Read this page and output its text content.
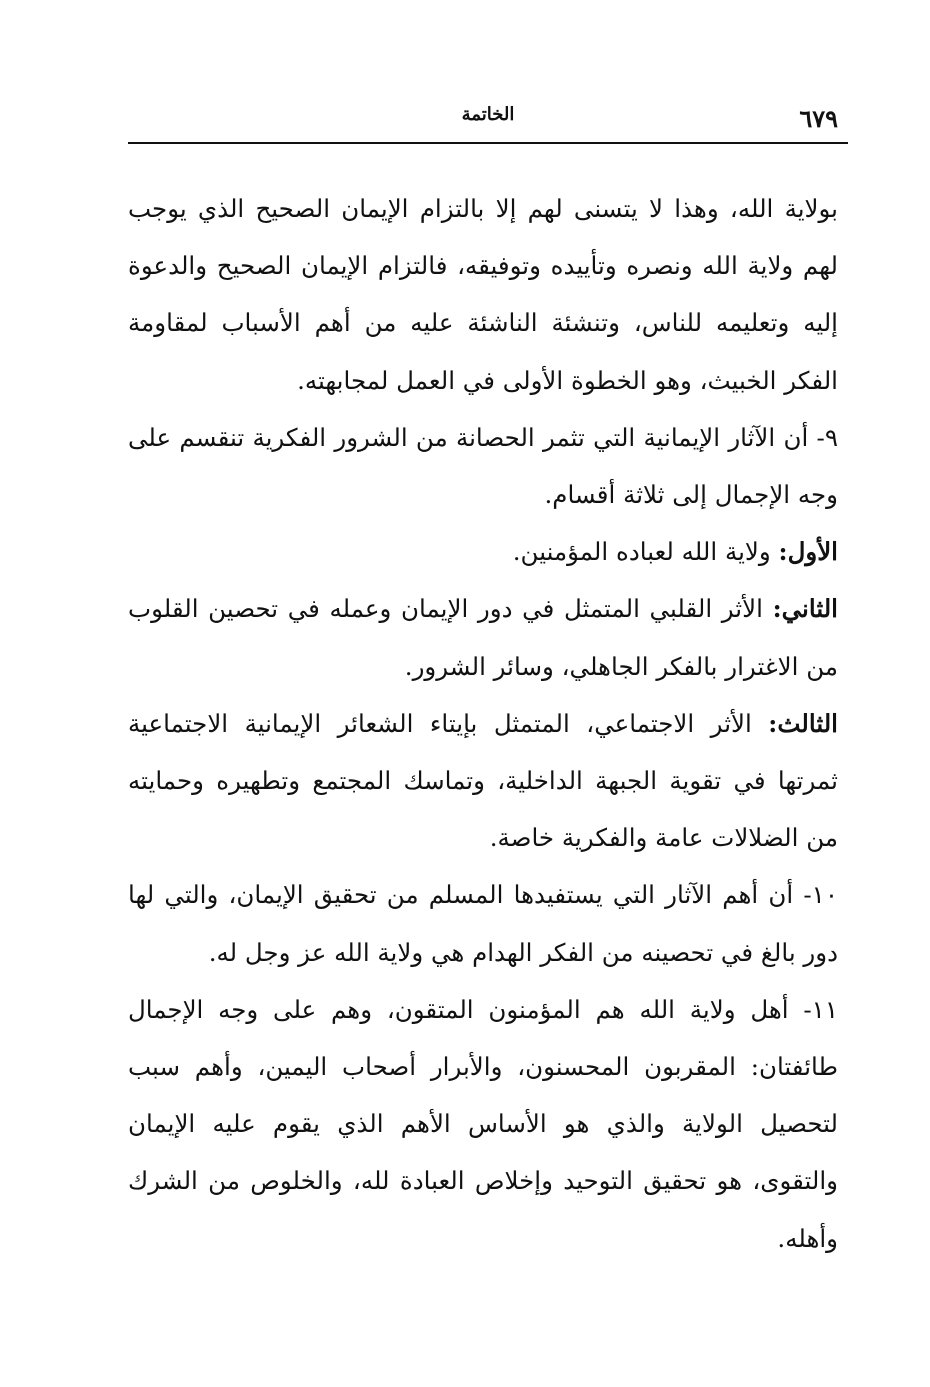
٦٧٩
الخاتمة

بولاية الله، وهذا لا يتسنى لهم إلا بالتزام الإيمان الصحيح الذي يوجب لهم ولاية الله ونصره وتأييده وتوفيقه، فالتزام الإيمان الصحيح والدعوة إليه وتعليمه للناس، وتنشئة الناشئة عليه من أهم الأسباب لمقاومة الفكر الخبيث، وهو الخطوة الأولى في العمل لمجابهته.

٩- أن الآثار الإيمانية التي تثمر الحصانة من الشرور الفكرية تنقسم على وجه الإجمال إلى ثلاثة أقسام.

الأول: ولاية الله لعباده المؤمنين.

الثاني: الأثر القلبي المتمثل في دور الإيمان وعمله في تحصين القلوب من الاغترار بالفكر الجاهلي، وسائر الشرور.

الثالث: الأثر الاجتماعي، المتمثل بإيتاء الشعائر الإيمانية الاجتماعية ثمرتها في تقوية الجبهة الداخلية، وتماسك المجتمع وتطهيره وحمايته من الضلالات عامة والفكرية خاصة.

١٠- أن أهم الآثار التي يستفيدها المسلم من تحقيق الإيمان، والتي لها دور بالغ في تحصينه من الفكر الهدام هي ولاية الله عز وجل له.

١١- أهل ولاية الله هم المؤمنون المتقون، وهم على وجه الإجمال طائفتان: المقربون المحسنون، والأبرار أصحاب اليمين، وأهم سبب لتحصيل الولاية والذي هو الأساس الأهم الذي يقوم عليه الإيمان والتقوى، هو تحقيق التوحيد وإخلاص العبادة لله، والخلوص من الشرك وأهله.
